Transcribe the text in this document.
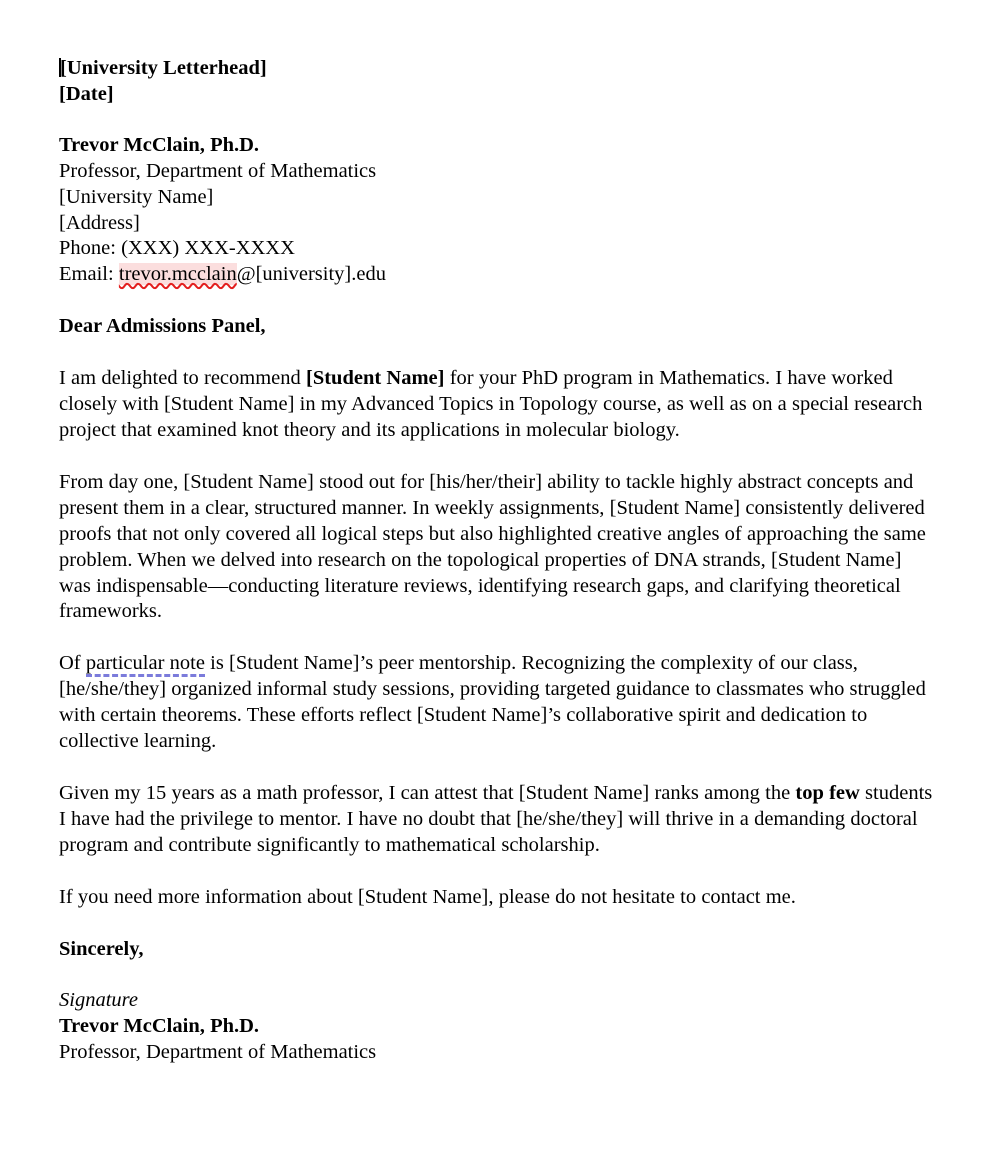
[University Letterhead]
[Date]
Trevor McClain, Ph.D.
Professor, Department of Mathematics
[University Name]
[Address]
Phone: (XXX) XXX-XXXX
Email: trevor.mcclain@[university].edu
Dear Admissions Panel,

I am delighted to recommend [Student Name] for your PhD program in Mathematics. I have worked closely with [Student Name] in my Advanced Topics in Topology course, as well as on a special research project that examined knot theory and its applications in molecular biology.

From day one, [Student Name] stood out for [his/her/their] ability to tackle highly abstract concepts and present them in a clear, structured manner. In weekly assignments, [Student Name] consistently delivered proofs that not only covered all logical steps but also highlighted creative angles of approaching the same problem. When we delved into research on the topological properties of DNA strands, [Student Name] was indispensable—conducting literature reviews, identifying research gaps, and clarifying theoretical frameworks.

Of particular note is [Student Name]’s peer mentorship. Recognizing the complexity of our class, [he/she/they] organized informal study sessions, providing targeted guidance to classmates who struggled with certain theorems. These efforts reflect [Student Name]’s collaborative spirit and dedication to collective learning.

Given my 15 years as a math professor, I can attest that [Student Name] ranks among the top few students I have had the privilege to mentor. I have no doubt that [he/she/they] will thrive in a demanding doctoral program and contribute significantly to mathematical scholarship.

If you need more information about [Student Name], please do not hesitate to contact me.

Sincerely,
Signature
Trevor McClain, Ph.D.
Professor, Department of Mathematics
